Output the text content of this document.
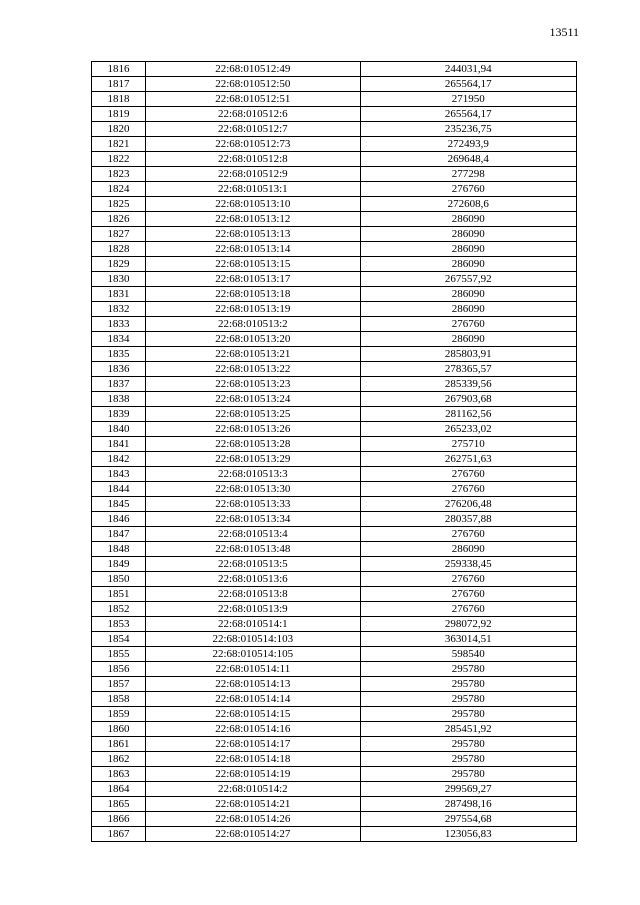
13511
1816	22:68:010512:49	244031,94
1817	22:68:010512:50	265564,17
1818	22:68:010512:51	271950
1819	22:68:010512:6	265564,17
1820	22:68:010512:7	235236,75
1821	22:68:010512:73	272493,9
1822	22:68:010512:8	269648,4
1823	22:68:010512:9	277298
1824	22:68:010513:1	276760
1825	22:68:010513:10	272608,6
1826	22:68:010513:12	286090
1827	22:68:010513:13	286090
1828	22:68:010513:14	286090
1829	22:68:010513:15	286090
1830	22:68:010513:17	267557,92
1831	22:68:010513:18	286090
1832	22:68:010513:19	286090
1833	22:68:010513:2	276760
1834	22:68:010513:20	286090
1835	22:68:010513:21	285803,91
1836	22:68:010513:22	278365,57
1837	22:68:010513:23	285339,56
1838	22:68:010513:24	267903,68
1839	22:68:010513:25	281162,56
1840	22:68:010513:26	265233,02
1841	22:68:010513:28	275710
1842	22:68:010513:29	262751,63
1843	22:68:010513:3	276760
1844	22:68:010513:30	276760
1845	22:68:010513:33	276206,48
1846	22:68:010513:34	280357,88
1847	22:68:010513:4	276760
1848	22:68:010513:48	286090
1849	22:68:010513:5	259338,45
1850	22:68:010513:6	276760
1851	22:68:010513:8	276760
1852	22:68:010513:9	276760
1853	22:68:010514:1	298072,92
1854	22:68:010514:103	363014,51
1855	22:68:010514:105	598540
1856	22:68:010514:11	295780
1857	22:68:010514:13	295780
1858	22:68:010514:14	295780
1859	22:68:010514:15	295780
1860	22:68:010514:16	285451,92
1861	22:68:010514:17	295780
1862	22:68:010514:18	295780
1863	22:68:010514:19	295780
1864	22:68:010514:2	299569,27
1865	22:68:010514:21	287498,16
1866	22:68:010514:26	297554,68
1867	22:68:010514:27	123056,83
